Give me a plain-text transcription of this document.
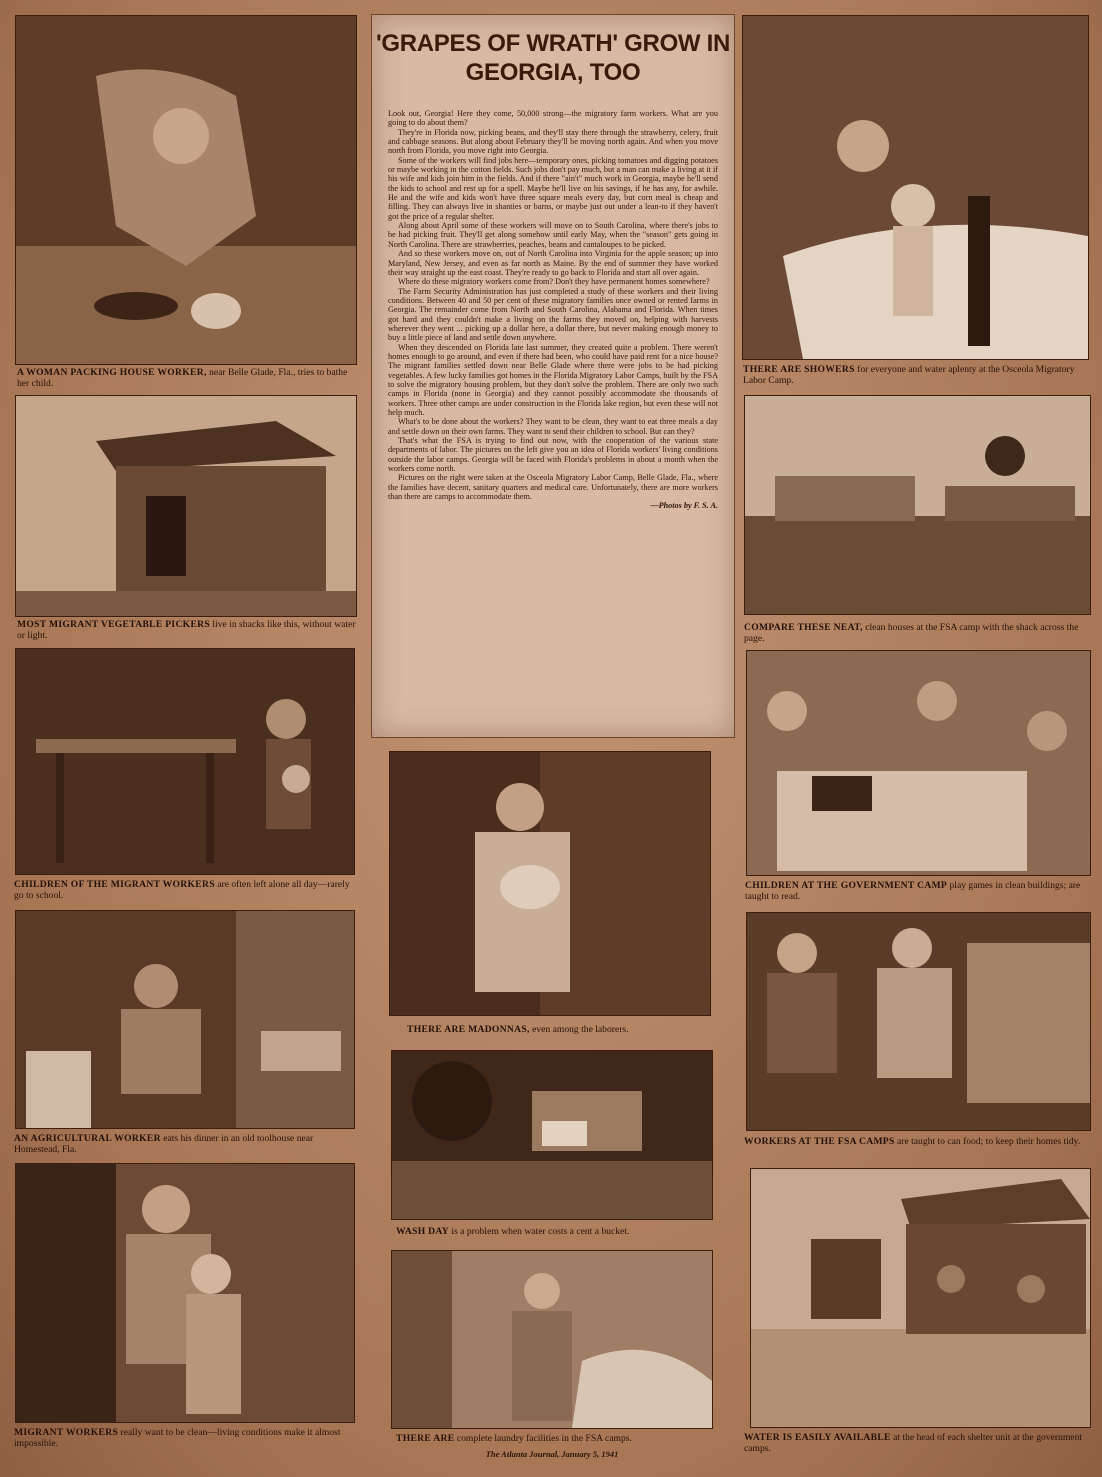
A WOMAN PACKING HOUSE WORKER, near Belle Glade, Fla., tries to bathe her child.
MOST MIGRANT VEGETABLE PICKERS live in shacks like this, without water or light.
CHILDREN OF THE MIGRANT WORKERS are often left alone all day—rarely go to school.
AN AGRICULTURAL WORKER eats his dinner in an old toolhouse near Homestead, Fla.
MIGRANT WORKERS really want to be clean—living conditions make it almost impossible.
'GRAPES OF WRATH' GROW IN GEORGIA, TOO

Look out, Georgia! Here they come, 50,000 strong—the migratory farm workers. What are you going to do about them?

They're in Florida now, picking beans, and they'll stay there through the strawberry, celery, fruit and cabbage seasons. But along about February they'll be moving north again. And when you move north from Florida, you move right into Georgia.

Some of the workers will find jobs here—temporary ones, picking tomatoes and digging potatoes or maybe working in the cotton fields. Such jobs don't pay much, but a man can make a living at it if his wife and kids join him in the fields. And if there "ain't" much work in Georgia, maybe he'll send the kids to school and rest up for a spell. Maybe he'll live on his savings, if he has any, for awhile. He and the wife and kids won't have three square meals every day, but corn meal is cheap and filling. They can always live in shanties or barns, or maybe just out under a lean-to if they haven't got the price of a regular shelter.

Along about April some of these workers will move on to South Carolina, where there's jobs to be had picking fruit. They'll get along somehow until early May, when the "season" gets going in North Carolina. There are strawberries, peaches, beans and cantaloupes to be picked.

And so these workers move on, out of North Carolina into Virginia for the apple season; up into Maryland, New Jersey, and even as far north as Maine. By the end of summer they have worked their way straight up the east coast. They're ready to go back to Florida and start all over again.

Where do these migratory workers come from? Don't they have permanent homes somewhere?

The Farm Security Administration has just completed a study of these workers and their living conditions. Between 40 and 50 per cent of these migratory families once owned or rented farms in Georgia. The remainder come from North and South Carolina, Alabama and Florida. When times got hard and they couldn't make a living on the farms they moved on, helping with harvests wherever they went ... picking up a dollar here, a dollar there, but never making enough money to buy a little piece of land and settle down anywhere.

When they descended on Florida late last summer, they created quite a problem. There weren't homes enough to go around, and even if there had been, who could have paid rent for a nice house? The migrant families settled down near Belle Glade where there were jobs to be had picking vegetables. A few lucky families got homes in the Florida Migratory Labor Camps, built by the FSA to solve the migratory housing problem, but they don't solve the problem. There are only two such camps in Florida (none in Georgia) and they cannot possibly accommodate the thousands of workers. Three other camps are under construction in the Florida lake region, but even these will not help much.

What's to be done about the workers? They want to be clean, they want to eat three meals a day and settle down on their own farms. They want to send their children to school. But can they?

That's what the FSA is trying to find out now, with the cooperation of the various state departments of labor. The pictures on the left give you an idea of Florida workers' living conditions outside the labor camps. Georgia will be faced with Florida's problems in about a month when the workers come north.

Pictures on the right were taken at the Osceola Migratory Labor Camp, Belle Glade, Fla., where the families have decent, sanitary quarters and medical care. Unfortunately, there are more workers than there are camps to accommodate them.

—Photos by F. S. A.

THERE ARE MADONNAS, even among the laborers.
WASH DAY is a problem when water costs a cent a bucket.
THERE ARE complete laundry facilities in the FSA camps.
The Atlanta Journal, January 5, 1941
THERE ARE SHOWERS for everyone and water aplenty at the Osceola Migratory Labor Camp.
COMPARE THESE NEAT, clean houses at the FSA camp with the shack across the page.
CHILDREN AT THE GOVERNMENT CAMP play games in clean buildings; are taught to read.
WORKERS AT THE FSA CAMPS are taught to can food; to keep their homes tidy.
WATER IS EASILY AVAILABLE at the head of each shelter unit at the government camps.
